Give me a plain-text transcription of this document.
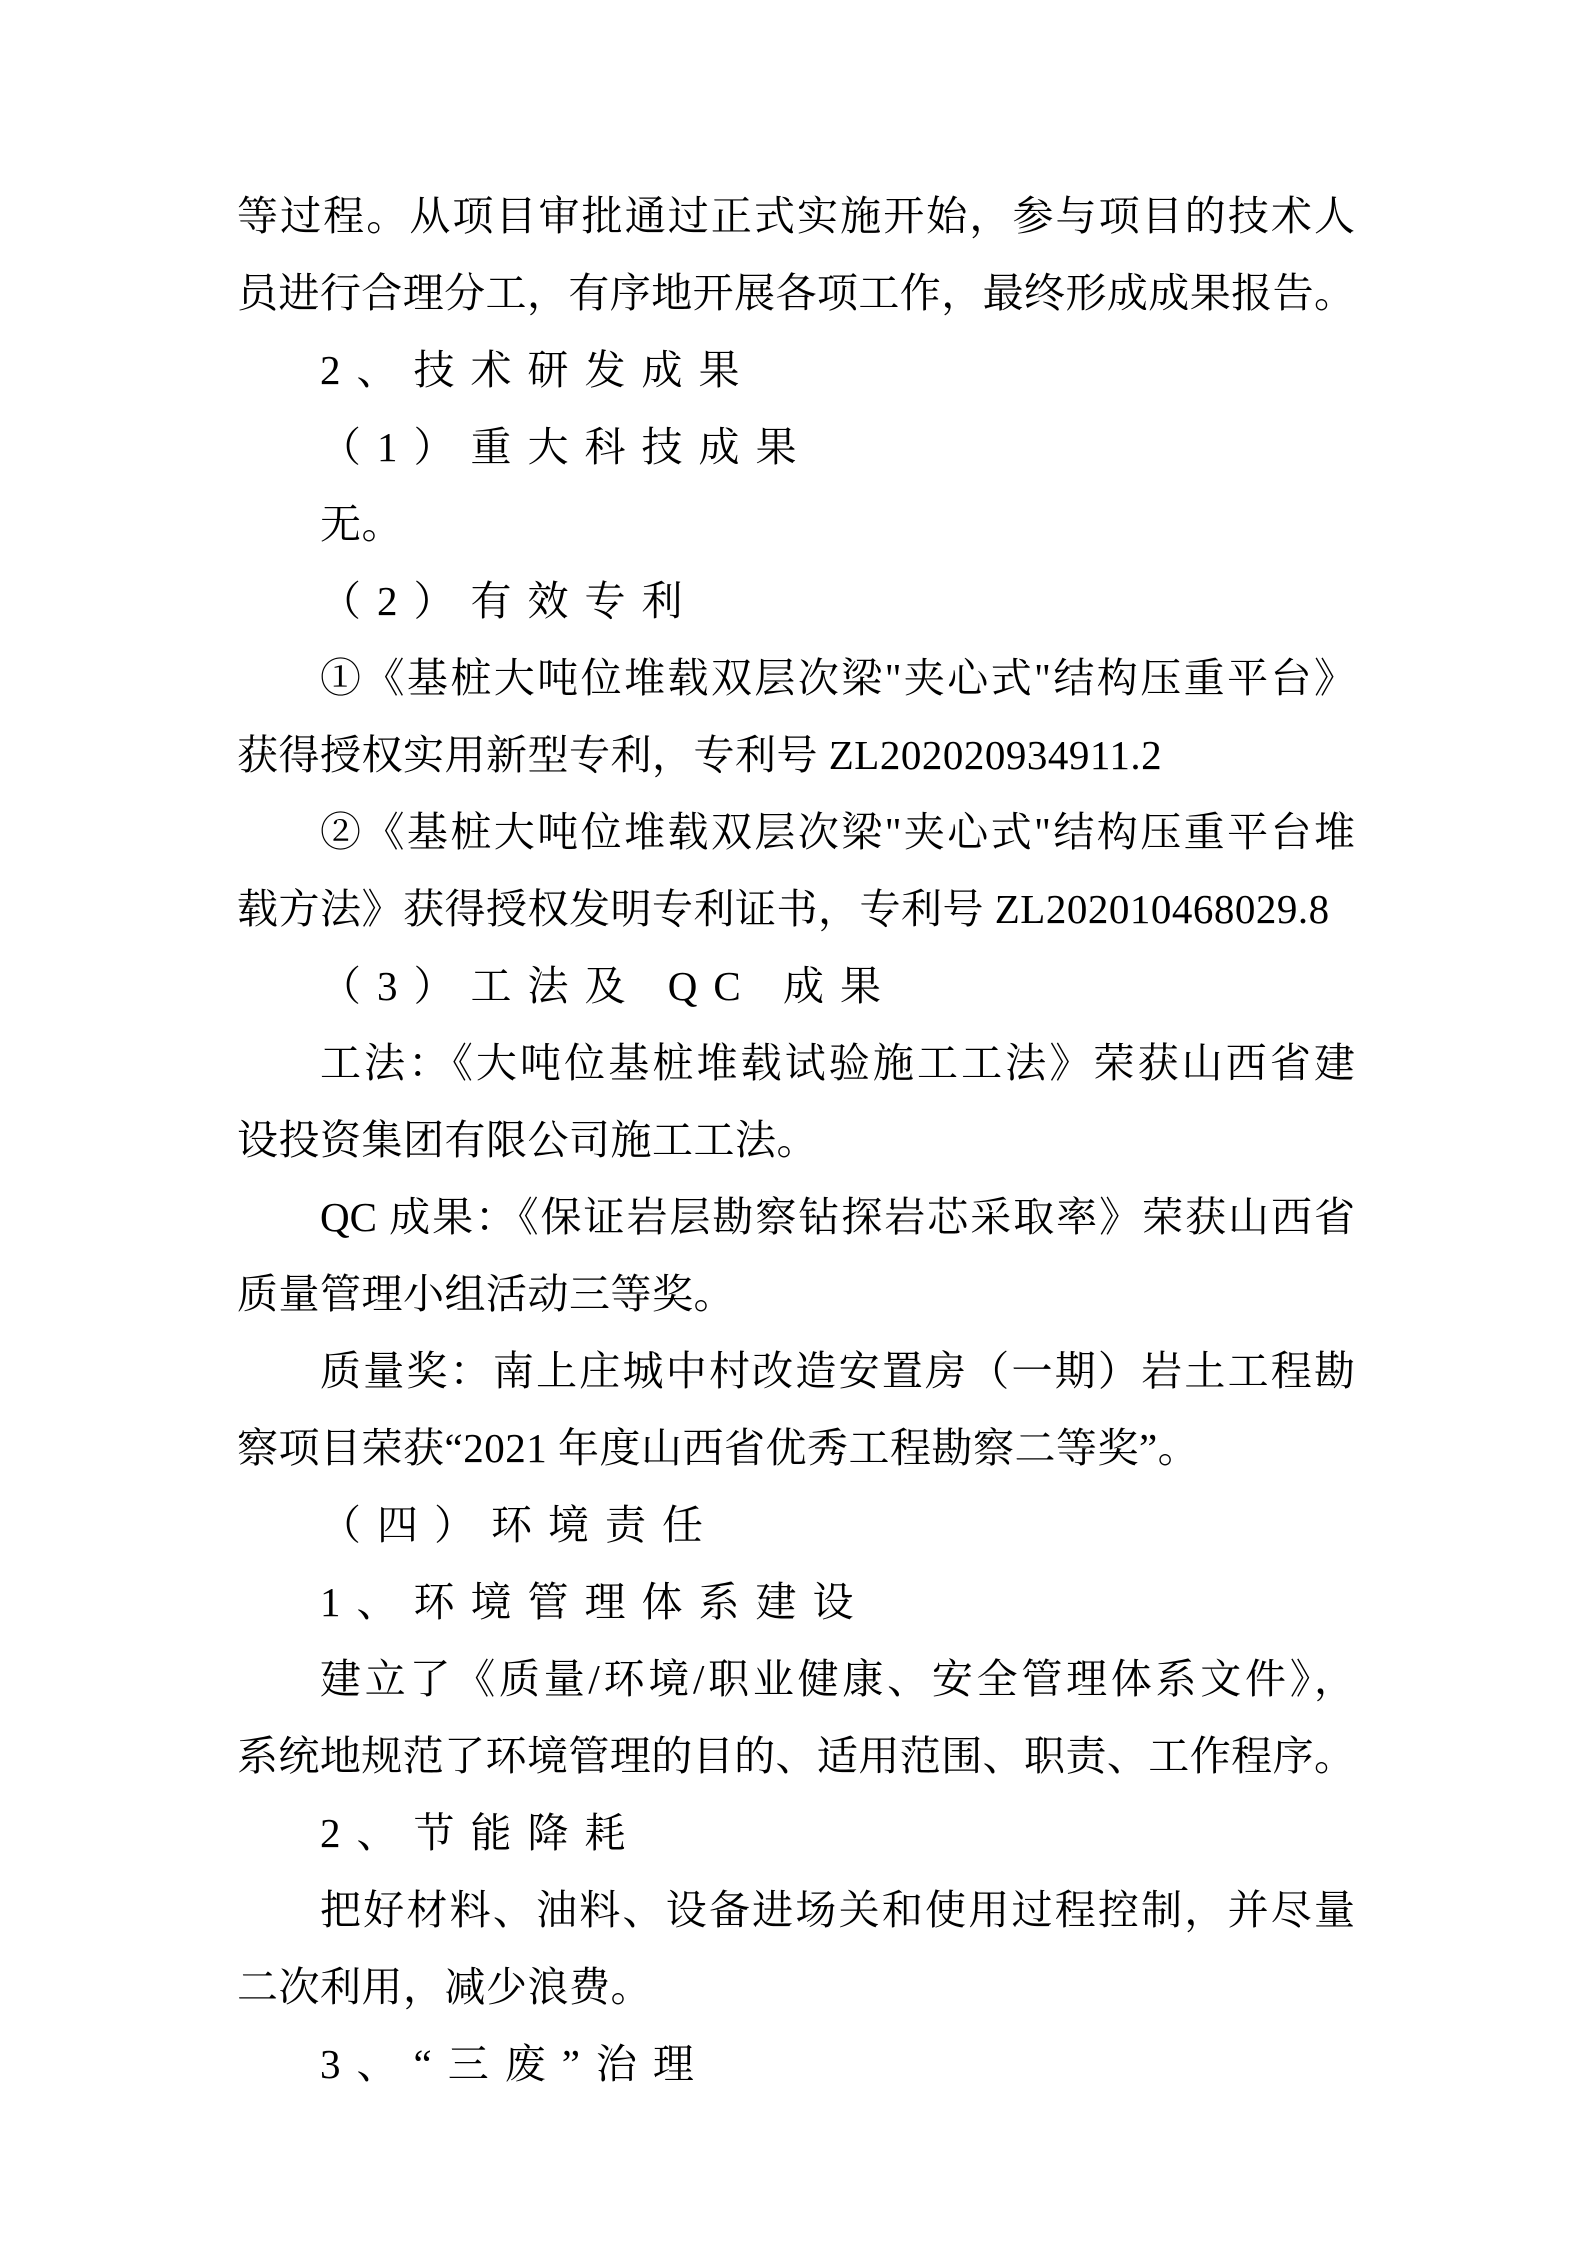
等过程。从项目审批通过正式实施开始，参与项目的技术人
员进行合理分工，有序地开展各项工作，最终形成成果报告。
2、技术研发成果
（1）重大科技成果
无。
（2）有效专利
①《基桩大吨位堆载双层次梁"夹心式"结构压重平台》
获得授权实用新型专利，专利号 ZL202020934911.2
②《基桩大吨位堆载双层次梁"夹心式"结构压重平台堆
载方法》获得授权发明专利证书，专利号 ZL202010468029.8
（3）工法及 QC 成果
工法：《大吨位基桩堆载试验施工工法》荣获山西省建
设投资集团有限公司施工工法。
QC 成果：《保证岩层勘察钻探岩芯采取率》荣获山西省
质量管理小组活动三等奖。
质量奖：南上庄城中村改造安置房（一期）岩土工程勘
察项目荣获“2021 年度山西省优秀工程勘察二等奖”。
（四）环境责任
1、环境管理体系建设
建立了《质量/环境/职业健康、安全管理体系文件》，
系统地规范了环境管理的目的、适用范围、职责、工作程序。
2、节能降耗
把好材料、油料、设备进场关和使用过程控制，并尽量
二次利用，减少浪费。
3、“三废”治理
